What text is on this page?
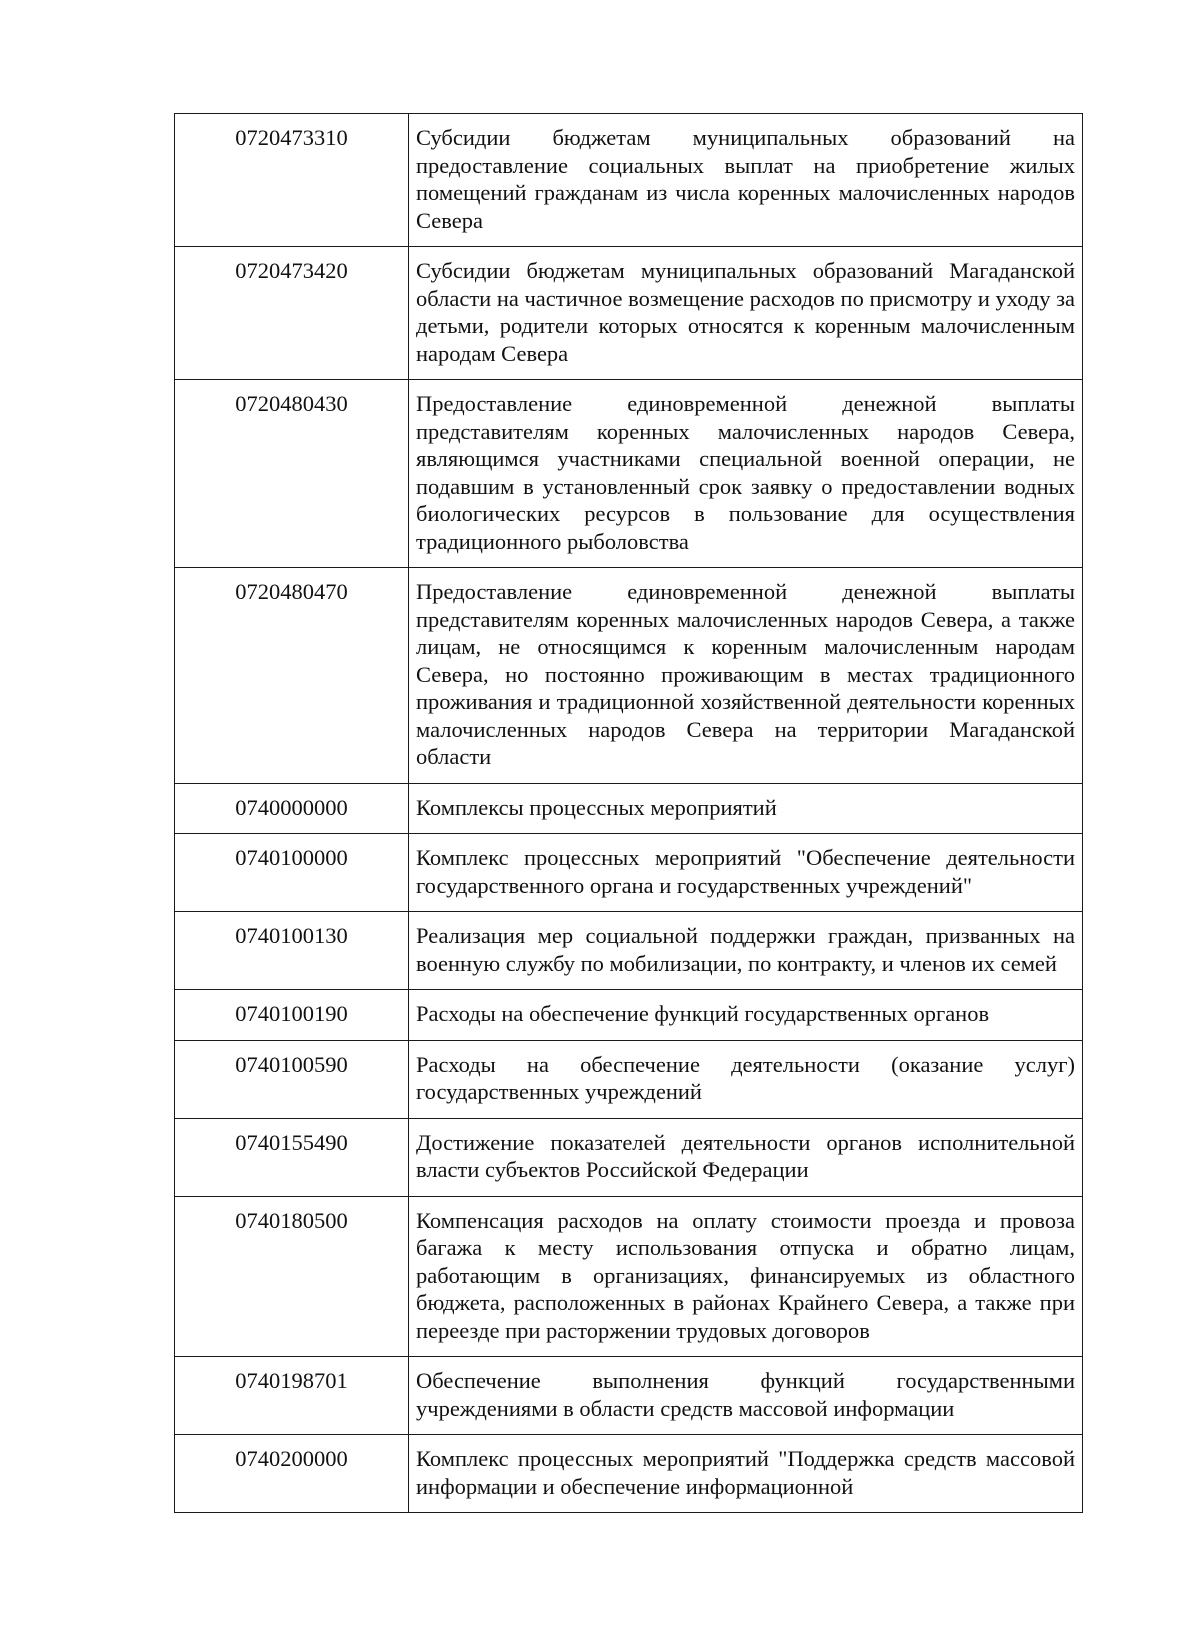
0720473310	Субсидии бюджетам муниципальных образований на предоставление социальных выплат на приобретение жилых помещений гражданам из числа коренных малочисленных народов Севера
0720473420	Субсидии бюджетам муниципальных образований Магаданской области на частичное возмещение расходов по присмотру и уходу за детьми, родители которых относятся к коренным малочисленным народам Севера
0720480430	Предоставление единовременной денежной выплаты представителям коренных малочисленных народов Севера, являющимся участниками специальной военной операции, не подавшим в установленный срок заявку о предоставлении водных биологических ресурсов в пользование для осуществления традиционного рыболовства
0720480470	Предоставление единовременной денежной выплаты представителям коренных малочисленных народов Севера, а также лицам, не относящимся к коренным малочисленным народам Севера, но постоянно проживающим в местах традиционного проживания и традиционной хозяйственной деятельности коренных малочисленных народов Севера на территории Магаданской области
0740000000	Комплексы процессных мероприятий
0740100000	Комплекс процессных мероприятий "Обеспечение деятельности государственного органа и государственных учреждений"
0740100130	Реализация мер социальной поддержки граждан, призванных на военную службу по мобилизации, по контракту, и членов их семей
0740100190	Расходы на обеспечение функций государственных органов
0740100590	Расходы на обеспечение деятельности (оказание услуг) государственных учреждений
0740155490	Достижение показателей деятельности органов исполнительной власти субъектов Российской Федерации
0740180500	Компенсация расходов на оплату стоимости проезда и провоза багажа к месту использования отпуска и обратно лицам, работающим в организациях, финансируемых из областного бюджета, расположенных в районах Крайнего Севера, а также при переезде при расторжении трудовых договоров
0740198701	Обеспечение выполнения функций государственными учреждениями в области средств массовой информации
0740200000	Комплекс процессных мероприятий "Поддержка средств массовой информации и обеспечение информационной
